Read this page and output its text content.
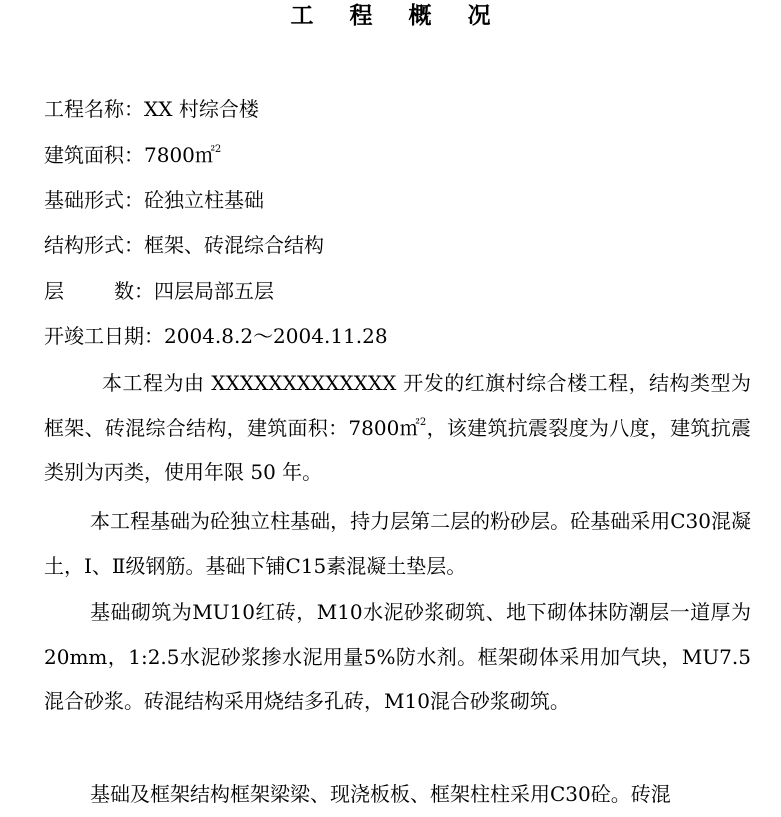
工 程 概 况
工程名称：XX 村综合楼
建筑面积：7800㎡$^2$
基础形式：砼独立柱基础
结构形式：框架、砖混综合结构
层	数：四层局部五层
开竣工日期：2004.8.2～2004.11.28

本工程为由 XXXXXXXXXXXXX 开发的红旗村综合楼工程，结构类型为框架、砖混综合结构，建筑面积：7800㎡$^2$，该建筑抗震裂度为八度，建筑抗震类别为丙类，使用年限 50 年。

本工程基础为砼独立柱基础，持力层第二层的粉砂层。砼基础采用C30混凝土，Ⅰ、Ⅱ级钢筋。基础下铺C15素混凝土垫层。

基础砌筑为MU10红砖，M10水泥砂浆砌筑、地下砌体抹防潮层一道厚为20mm，1:2.5水泥砂浆掺水泥用量5%防水剂。框架砌体采用加气块，MU7.5混合砂浆。砖混结构采用烧结多孔砖，M10混合砂浆砌筑。

基础及框架结构框架梁梁、现浇板板、框架柱柱采用C30砼。砖混
